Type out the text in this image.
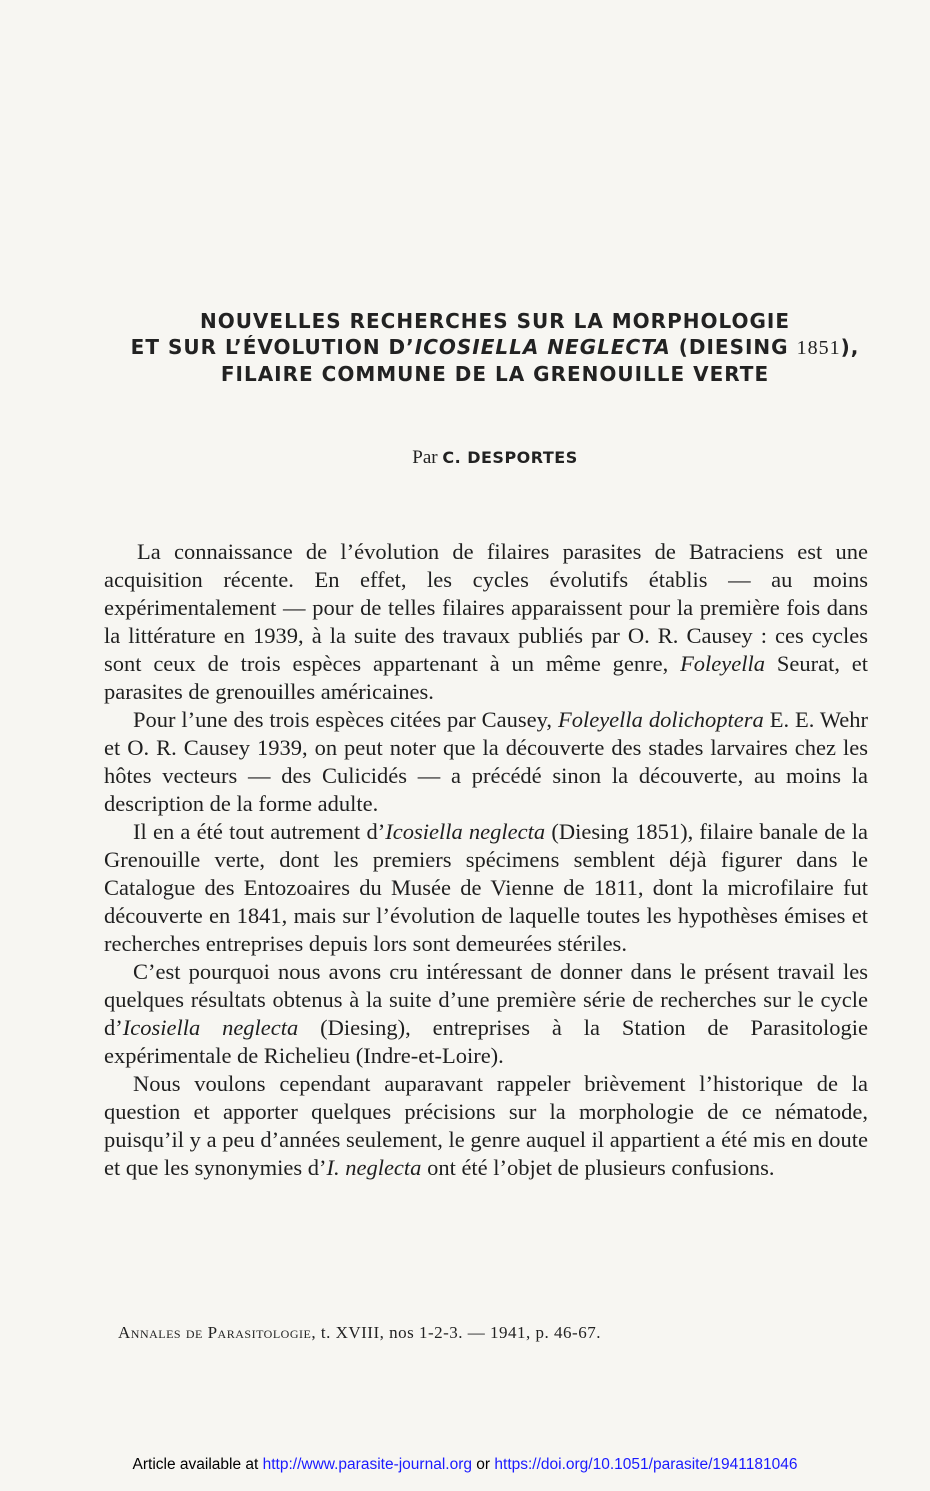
NOUVELLES RECHERCHES SUR LA MORPHOLOGIE
ET SUR L’ÉVOLUTION D’ICOSIELLA NEGLECTA (DIESING 1851),
FILAIRE COMMUNE DE LA GRENOUILLE VERTE
Par C. DESPORTES

La connaissance de l’évolution de filaires parasites de Batraciens est une acquisition récente. En effet, les cycles évolutifs établis — au moins expérimentalement — pour de telles filaires apparaissent pour la première fois dans la littérature en 1939, à la suite des travaux publiés par O. R. Causey : ces cycles sont ceux de trois espèces appartenant à un même genre, Foleyella Seurat, et parasites de grenouilles américaines.

Pour l’une des trois espèces citées par Causey, Foleyella dolichoptera E. E. Wehr et O. R. Causey 1939, on peut noter que la découverte des stades larvaires chez les hôtes vecteurs — des Culicidés — a précédé sinon la découverte, au moins la description de la forme adulte.

Il en a été tout autrement d’Icosiella neglecta (Diesing 1851), filaire banale de la Grenouille verte, dont les premiers spécimens semblent déjà figurer dans le Catalogue des Entozoaires du Musée de Vienne de 1811, dont la microfilaire fut découverte en 1841, mais sur l’évolution de laquelle toutes les hypothèses émises et recherches entreprises depuis lors sont demeurées stériles.

C’est pourquoi nous avons cru intéressant de donner dans le présent travail les quelques résultats obtenus à la suite d’une première série de recherches sur le cycle d’Icosiella neglecta (Diesing), entreprises à la Station de Parasitologie expérimentale de Richelieu (Indre-et-Loire).

Nous voulons cependant auparavant rappeler brièvement l’historique de la question et apporter quelques précisions sur la morphologie de ce nématode, puisqu’il y a peu d’années seulement, le genre auquel il appartient a été mis en doute et que les synonymies d’I. neglecta ont été l’objet de plusieurs confusions.

Annales de Parasitologie, t. XVIII, nos 1-2-3. — 1941, p. 46-67.
Article available at http://www.parasite-journal.org or https://doi.org/10.1051/parasite/1941181046
